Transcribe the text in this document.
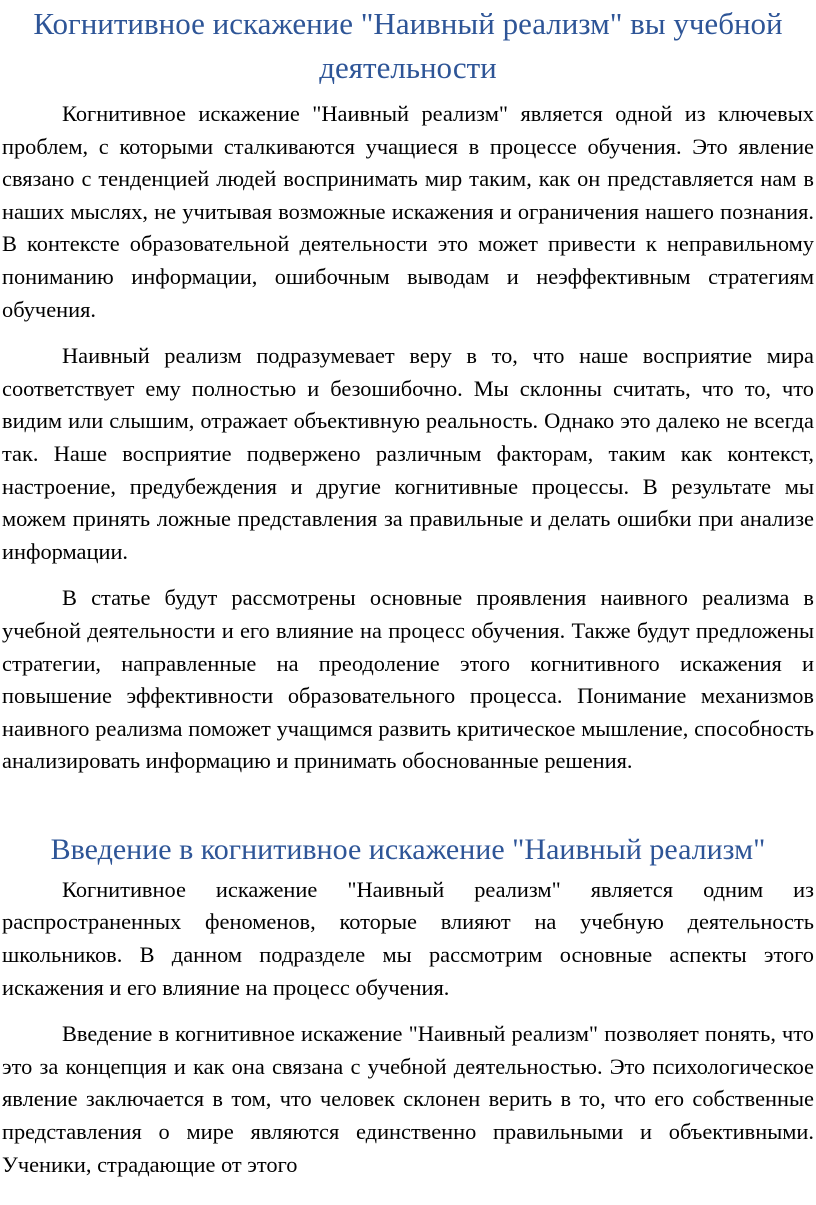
Когнитивное искажение "Наивный реализм" вы учебной деятельности

Когнитивное искажение "Наивный реализм" является одной из ключевых проблем, с которыми сталкиваются учащиеся в процессе обучения. Это явление связано с тенденцией людей воспринимать мир таким, как он представляется нам в наших мыслях, не учитывая возможные искажения и ограничения нашего познания. В контексте образовательной деятельности это может привести к неправильному пониманию информации, ошибочным выводам и неэффективным стратегиям обучения.

Наивный реализм подразумевает веру в то, что наше восприятие мира соответствует ему полностью и безошибочно. Мы склонны считать, что то, что видим или слышим, отражает объективную реальность. Однако это далеко не всегда так. Наше восприятие подвержено различным факторам, таким как контекст, настроение, предубеждения и другие когнитивные процессы. В результате мы можем принять ложные представления за правильные и делать ошибки при анализе информации.

В статье будут рассмотрены основные проявления наивного реализма в учебной деятельности и его влияние на процесс обучения. Также будут предложены стратегии, направленные на преодоление этого когнитивного искажения и повышение эффективности образовательного процесса. Понимание механизмов наивного реализма поможет учащимся развить критическое мышление, способность анализировать информацию и принимать обоснованные решения.

Введение в когнитивное искажение "Наивный реализм"

Когнитивное искажение "Наивный реализм" является одним из распространенных феноменов, которые влияют на учебную деятельность школьников. В данном подразделе мы рассмотрим основные аспекты этого искажения и его влияние на процесс обучения.

Введение в когнитивное искажение "Наивный реализм" позволяет понять, что это за концепция и как она связана с учебной деятельностью. Это психологическое явление заключается в том, что человек склонен верить в то, что его собственные представления о мире являются единственно правильными и объективными. Ученики, страдающие от этого
